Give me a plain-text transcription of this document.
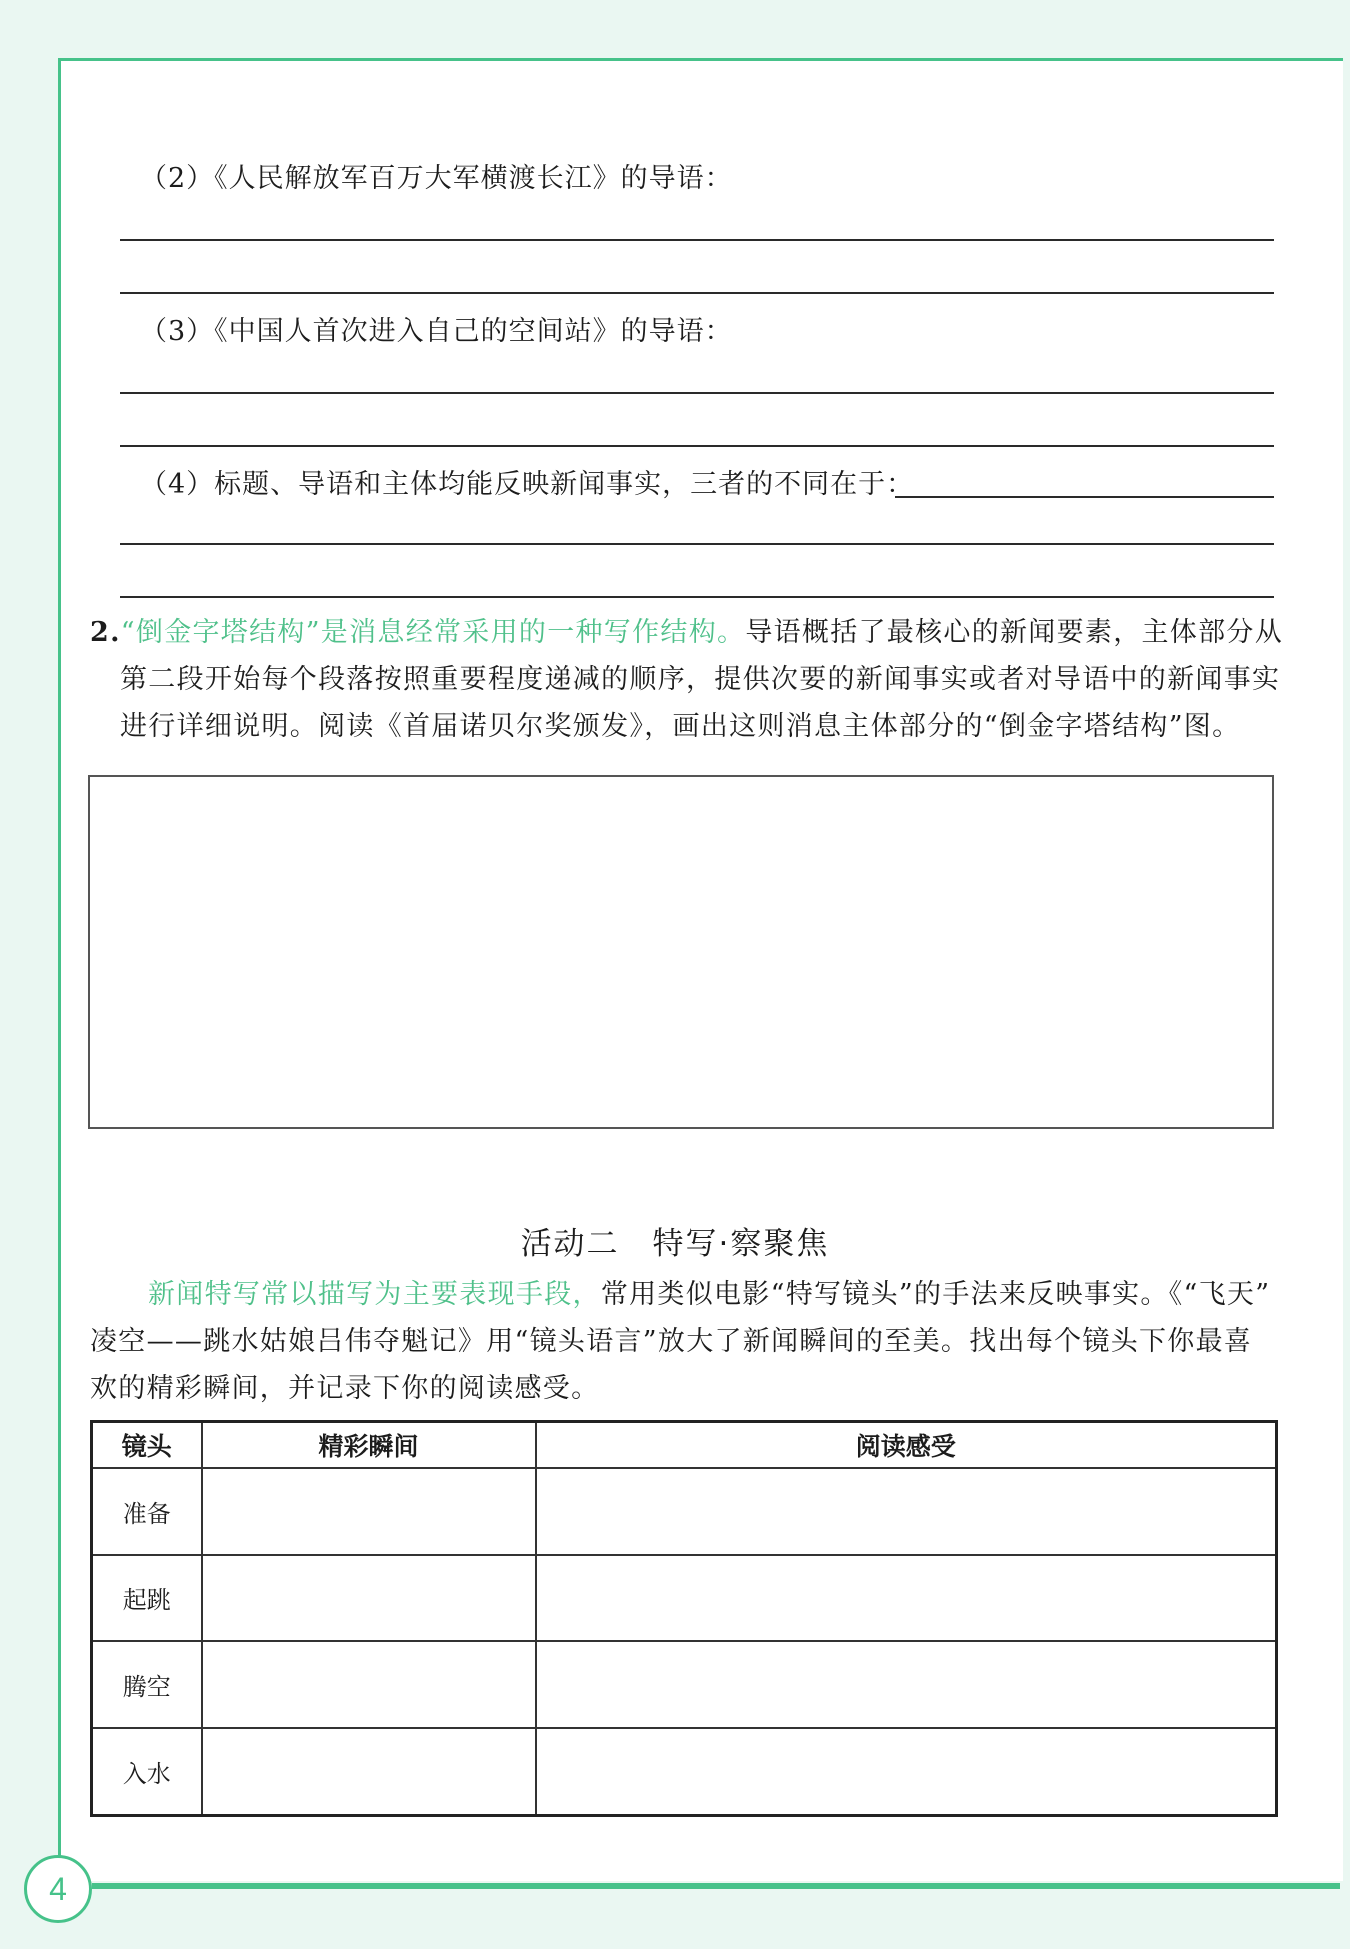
（2）《人民解放军百万大军横渡长江》的导语：
（3）《中国人首次进入自己的空间站》的导语：
（4）标题、导语和主体均能反映新闻事实，三者的不同在于：
2.“倒金字塔结构”是消息经常采用的一种写作结构。导语概括了最核心的新闻要素，主体部分从
第二段开始每个段落按照重要程度递减的顺序，提供次要的新闻事实或者对导语中的新闻事实
进行详细说明。阅读《首届诺贝尔奖颁发》，画出这则消息主体部分的“倒金字塔结构”图。
活动二　特写·察聚焦
新闻特写常以描写为主要表现手段，常用类似电影“特写镜头”的手法来反映事实。《“飞天”
凌空——跳水姑娘吕伟夺魁记》用“镜头语言”放大了新闻瞬间的至美。找出每个镜头下你最喜
欢的精彩瞬间，并记录下你的阅读感受。
镜头	精彩瞬间	阅读感受
准备		
起跳		
腾空		
入水		
4
